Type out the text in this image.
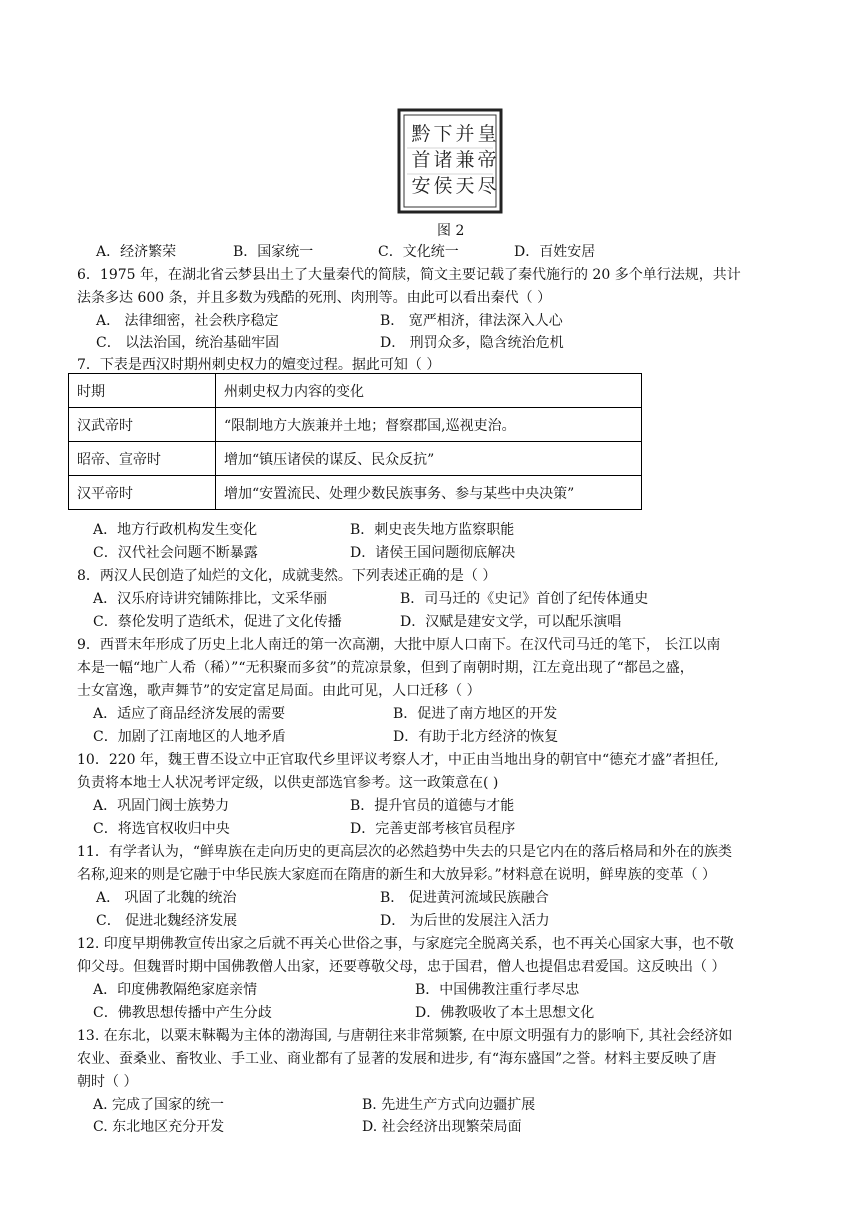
皇
帝
尽
并
兼
天
下
诸
侯
黔
首
安
图 2
A．经济繁荣	B．国家统一	C．文化统一	D．百姓安居
6．1975 年，在湖北省云梦县出土了大量秦代的简牍，简文主要记载了秦代施行的 20 多个单行法规，共计
法条多达 600 条，并且多数为残酷的死刑、肉刑等。由此可以看出秦代（ ）
A． 法律细密，社会秩序稳定	B． 宽严相济，律法深入人心
C． 以法治国，统治基础牢固	D． 刑罚众多，隐含统治危机
7．下表是西汉时期州刺史权力的嬗变过程。据此可知（ ）
时期	州刺史权力内容的变化
汉武帝时	“限制地方大族兼并土地；督察郡国,巡视吏治。
昭帝、宣帝时	增加“镇压诸侯的谋反、民众反抗”
汉平帝时	增加“安置流民、处理少数民族事务、参与某些中央决策”
A．地方行政机构发生变化	B．刺史丧失地方监察职能
C．汉代社会问题不断暴露	D．诸侯王国问题彻底解决
8．两汉人民创造了灿烂的文化，成就斐然。下列表述正确的是（ ）
A．汉乐府诗讲究铺陈排比，文采华丽	B．司马迁的《史记》首创了纪传体通史
C．蔡伦发明了造纸术，促进了文化传播	D．汉赋是建安文学，可以配乐演唱
9．西晋末年形成了历史上北人南迁的第一次高潮，大批中原人口南下。在汉代司马迁的笔下， 长江以南
本是一幅“地广人希（稀）”“无积聚而多贫”的荒凉景象，但到了南朝时期，江左竟出现了“都邑之盛，
士女富逸，歌声舞节”的安定富足局面。由此可见，人口迁移（ ）
A．适应了商品经济发展的需要	B．促进了南方地区的开发
C．加剧了江南地区的人地矛盾	D．有助于北方经济的恢复
10．220 年，魏王曹丕设立中正官取代乡里评议考察人才，中正由当地出身的朝官中“德充才盛”者担任,
负责将本地士人状况考评定级，以供吏部选官参考。这一政策意在( )
A．巩固门阀士族势力	B．提升官员的道德与才能
C．将选官权收归中央	D．完善吏部考核官员程序
11．有学者认为，“鲜卑族在走向历史的更高层次的必然趋势中失去的只是它内在的落后格局和外在的族类
名称,迎来的则是它融于中华民族大家庭而在隋唐的新生和大放异彩。”材料意在说明，鲜卑族的变革（ ）
A． 巩固了北魏的统治	B． 促进黄河流域民族融合
C． 促进北魏经济发展	D． 为后世的发展注入活力
12. 印度早期佛教宣传出家之后就不再关心世俗之事，与家庭完全脱离关系，也不再关心国家大事，也不敬
仰父母。但魏晋时期中国佛教僧人出家，还要尊敬父母，忠于国君，僧人也提倡忠君爱国。这反映出（ ）
A．印度佛教隔绝家庭亲情	B．中国佛教注重行孝尽忠
C．佛教思想传播中产生分歧	D．佛教吸收了本土思想文化
13. 在东北，以粟末靺鞨为主体的渤海国, 与唐朝往来非常频繁, 在中原文明强有力的影响下, 其社会经济如
农业、蚕桑业、畜牧业、手工业、商业都有了显著的发展和进步, 有“海东盛国”之誉。材料主要反映了唐
朝时（ ）
A. 完成了国家的统一	B. 先进生产方式向边疆扩展
C. 东北地区充分开发	D. 社会经济出现繁荣局面
